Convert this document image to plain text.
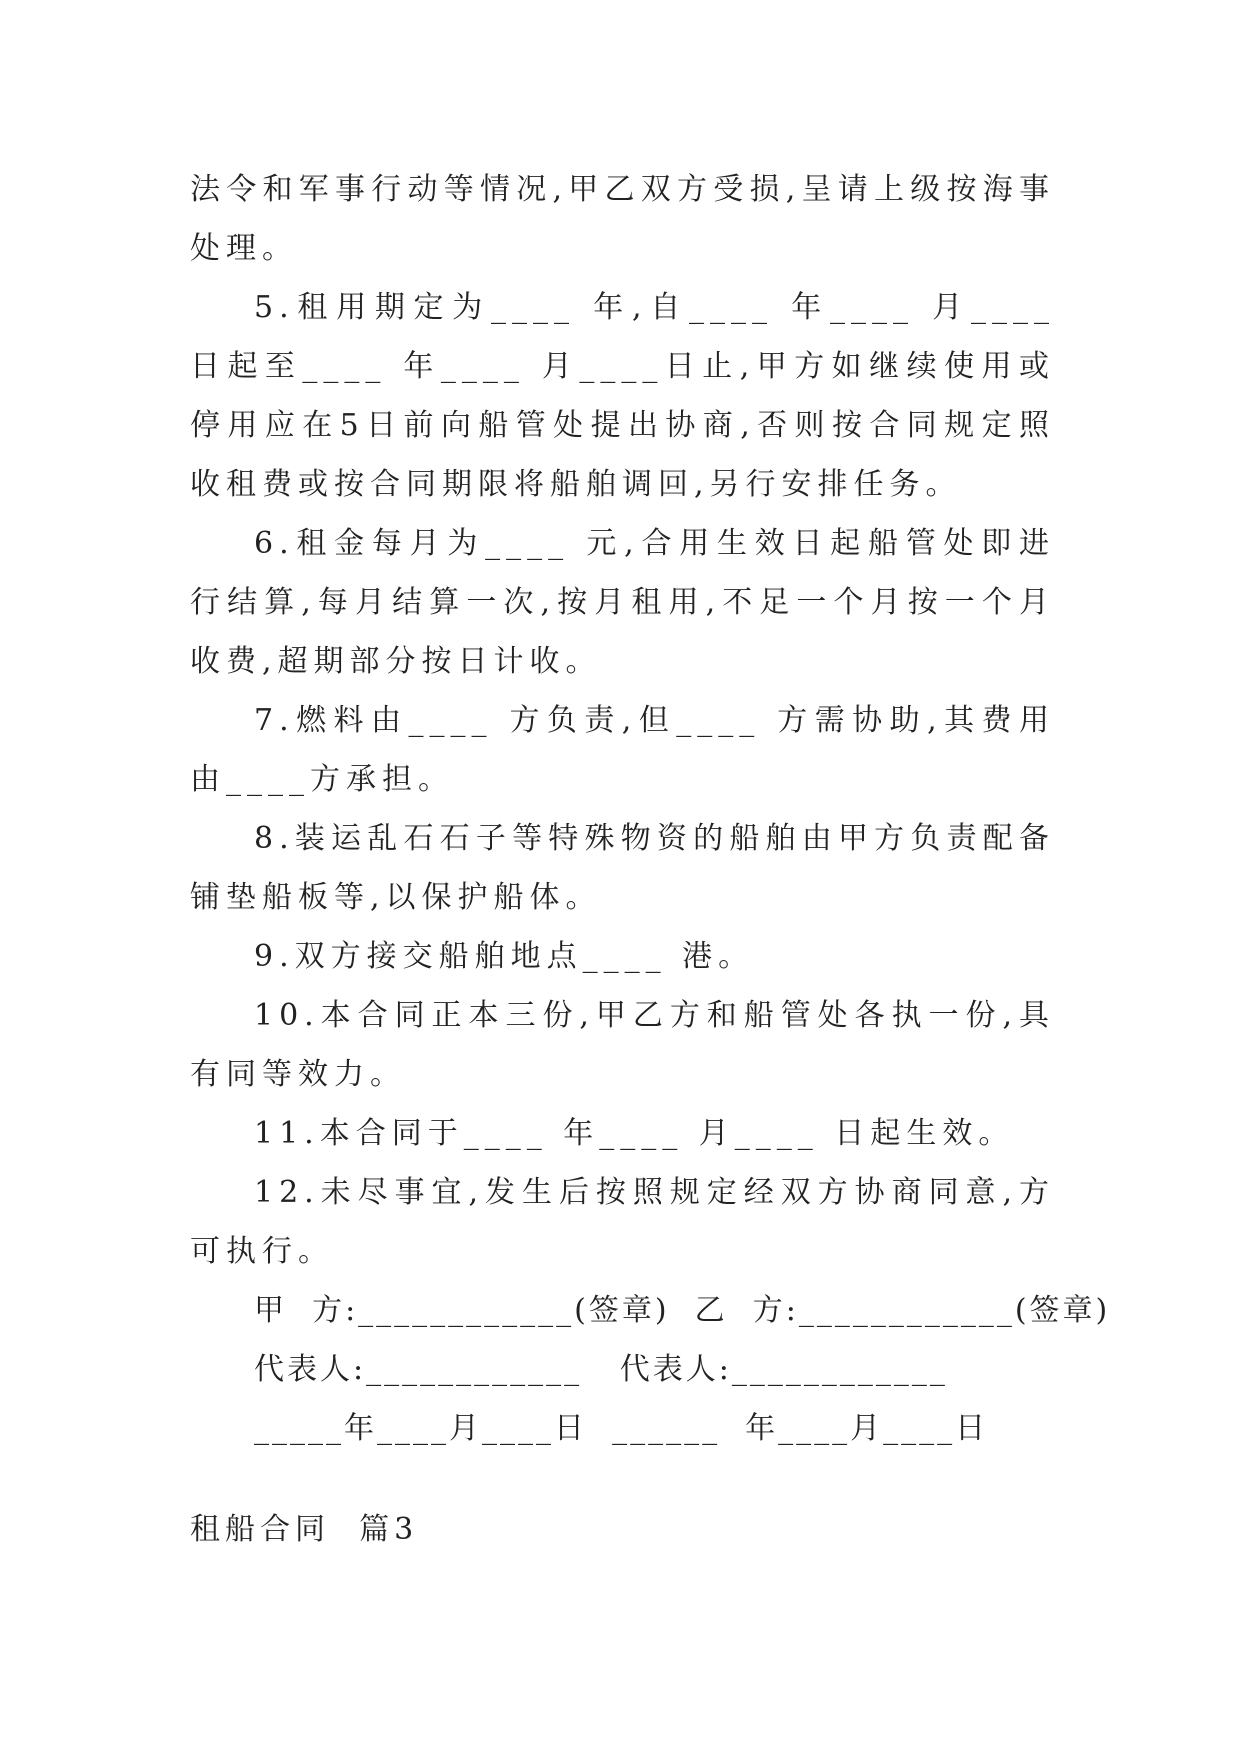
法令和军事行动等情况,甲乙双方受损,呈请上级按海事处理。

5.租用期定为____ 年,自____ 年____ 月____ 日起至____ 年____ 月____日止,甲方如继续使用或停用应在5日前向船管处提出协商,否则按合同规定照收租费或按合同期限将船舶调回,另行安排任务。

6.租金每月为____ 元,合用生效日起船管处即进行结算,每月结算一次,按月租用,不足一个月按一个月收费,超期部分按日计收。

7.燃料由____ 方负责,但____ 方需协助,其费用由____方承担。

8.装运乱石石子等特殊物资的船舶由甲方负责配备铺垫船板等,以保护船体。

9.双方接交船舶地点____ 港。

10.本合同正本三份,甲乙方和船管处各执一份,具有同等效力。

11.本合同于____ 年____ 月____ 日起生效。

12.未尽事宜,发生后按照规定经双方协商同意,方可执行。

甲  方:____________(签章)  乙  方:____________(签章)

代表人:____________   代表人:____________

_____年____月____日  ______  年____月____日

租船合同  篇3
